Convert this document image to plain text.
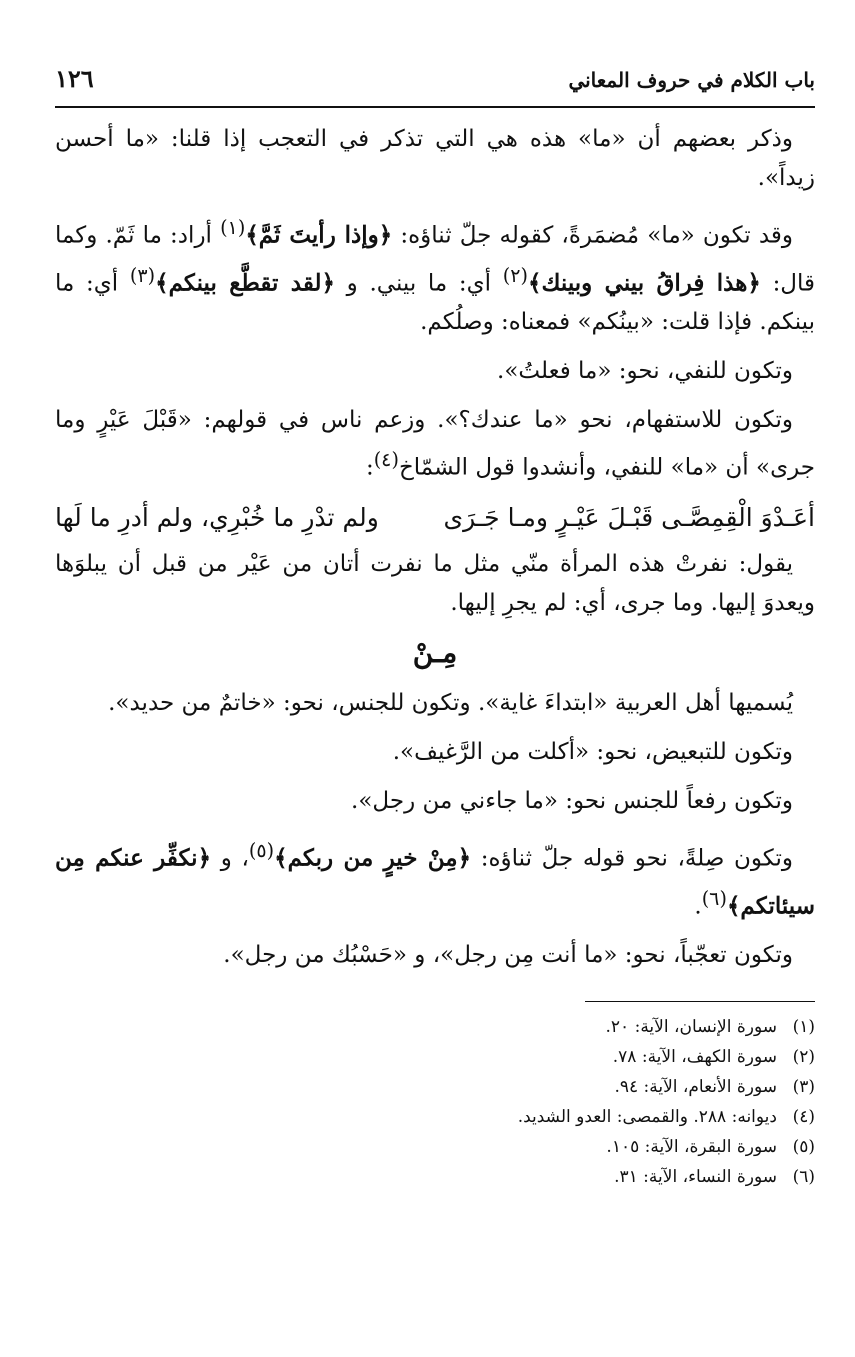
باب الكلام في حروف المعاني
١٢٦

وذكر بعضهم أن «ما» هذه هي التي تذكر في التعجب إذا قلنا: «ما أحسن زيداً».

وقد تكون «ما» مُضمَرةً، كقوله جلّ ثناؤه: ﴿وإذا رأيتَ ثَمَّ﴾$^{(١)}$ أراد: ما ثَمّ. وكما قال: ﴿هذا فِراقُ بيني وبينك﴾$^{(٢)}$ أي: ما بيني. و ﴿لقد تقطَّع بينكم﴾$^{(٣)}$ أي: ما بينكم. فإذا قلت: «بينُكم» فمعناه: وصلُكم.

وتكون للنفي، نحو: «ما فعلتُ».

وتكون للاستفهام، نحو «ما عندك؟». وزعم ناس في قولهم: «قَبْلَ عَيْرٍ وما جرى» أن «ما» للنفي، وأنشدوا قول الشمّاخ$^{(٤)}$:

أعَـدْوَ الْقِمِصَّـى قَبْـلَ عَيْـرٍ ومـا جَـرَى
ولم تدْرِ ما خُبْرِي، ولم أدرِ ما لَها

يقول: نفرتْ هذه المرأة منّي مثل ما نفرت أتان من عَيْر من قبل أن يبلوَها ويعدوَ إليها. وما جرى، أي: لم يجرِ إليها.

مِـنْ

يُسميها أهل العربية «ابتداءَ غاية». وتكون للجنس، نحو: «خاتمٌ من حديد».

وتكون للتبعيض، نحو: «أكلت من الرَّغيف».

وتكون رفعاً للجنس نحو: «ما جاءني من رجل».

وتكون صِلةً، نحو قوله جلّ ثناؤه: ﴿مِنْ خيرٍ من ربكم﴾$^{(٥)}$، و ﴿نكفِّر عنكم مِن سيئاتكم﴾$^{(٦)}$.

وتكون تعجّباً، نحو: «ما أنت مِن رجل»، و «حَسْبُك من رجل».

(١)
سورة الإنسان، الآية: ٢٠.
(٢)
سورة الكهف، الآية: ٧٨.
(٣)
سورة الأنعام، الآية: ٩٤.
(٤)
ديوانه: ٢٨٨. والقمصى: العدو الشديد.
(٥)
سورة البقرة، الآية: ١٠٥.
(٦)
سورة النساء، الآية: ٣١.
